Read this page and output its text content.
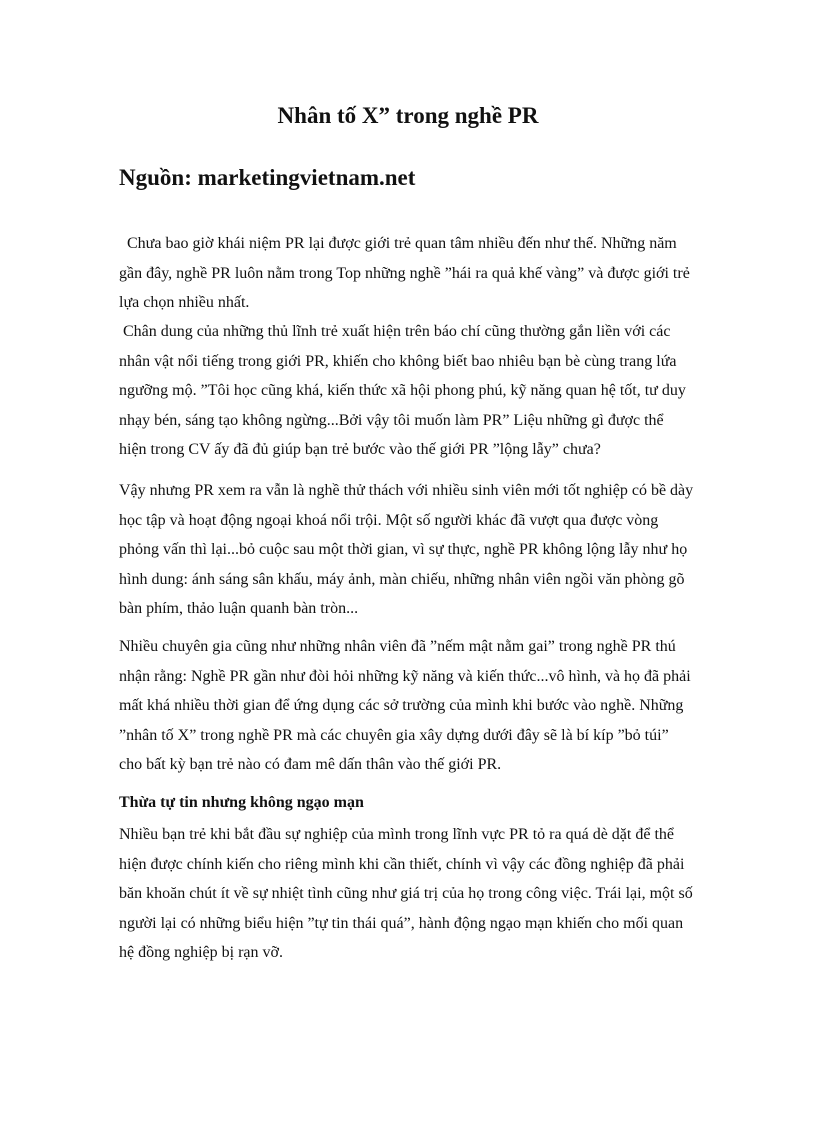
Nhân tố X” trong nghề PR
Nguồn: marketingvietnam.net

Chưa bao giờ khái niệm PR lại được giới trẻ quan tâm nhiều đến như thế. Những năm
gần đây, nghề PR luôn nằm trong Top những nghề ”hái ra quả khế vàng” và được giới trẻ
lựa chọn nhiều nhất.

Chân dung của những thủ lĩnh trẻ xuất hiện trên báo chí cũng thường gắn liền với các
nhân vật nổi tiếng trong giới PR, khiến cho không biết bao nhiêu bạn bè cùng trang lứa
ngưỡng mộ. ”Tôi học cũng khá, kiến thức xã hội phong phú, kỹ năng quan hệ tốt, tư duy
nhạy bén, sáng tạo không ngừng...Bởi vậy tôi muốn làm PR” Liệu những gì được thể
hiện trong CV ấy đã đủ giúp bạn trẻ bước vào thế giới PR ”lộng lẫy” chưa?

Vậy nhưng PR xem ra vẫn là nghề thử thách với nhiều sinh viên mới tốt nghiệp có bề dày
học tập và hoạt động ngoại khoá nổi trội. Một số người khác đã vượt qua được vòng
phỏng vấn thì lại...bỏ cuộc sau một thời gian, vì sự thực, nghề PR không lộng lẫy như họ
hình dung: ánh sáng sân khấu, máy ảnh, màn chiếu, những nhân viên ngồi văn phòng gõ
bàn phím, thảo luận quanh bàn tròn...

Nhiều chuyên gia cũng như những nhân viên đã ”nếm mật nằm gai” trong nghề PR thú
nhận rằng: Nghề PR gần như đòi hỏi những kỹ năng và kiến thức...vô hình, và họ đã phải
mất khá nhiều thời gian để ứng dụng các sở trường của mình khi bước vào nghề. Những
”nhân tố X” trong nghề PR mà các chuyên gia xây dựng dưới đây sẽ là bí kíp ”bỏ túi”
cho bất kỳ bạn trẻ nào có đam mê dấn thân vào thế giới PR.

Thừa tự tin nhưng không ngạo mạn

Nhiều bạn trẻ khi bắt đầu sự nghiệp của mình trong lĩnh vực PR tỏ ra quá dè dặt để thể
hiện được chính kiến cho riêng mình khi cần thiết, chính vì vậy các đồng nghiệp đã phải
băn khoăn chút ít về sự nhiệt tình cũng như giá trị của họ trong công việc. Trái lại, một số
người lại có những biểu hiện ”tự tin thái quá”, hành động ngạo mạn khiến cho mối quan
hệ đồng nghiệp bị rạn vỡ.
